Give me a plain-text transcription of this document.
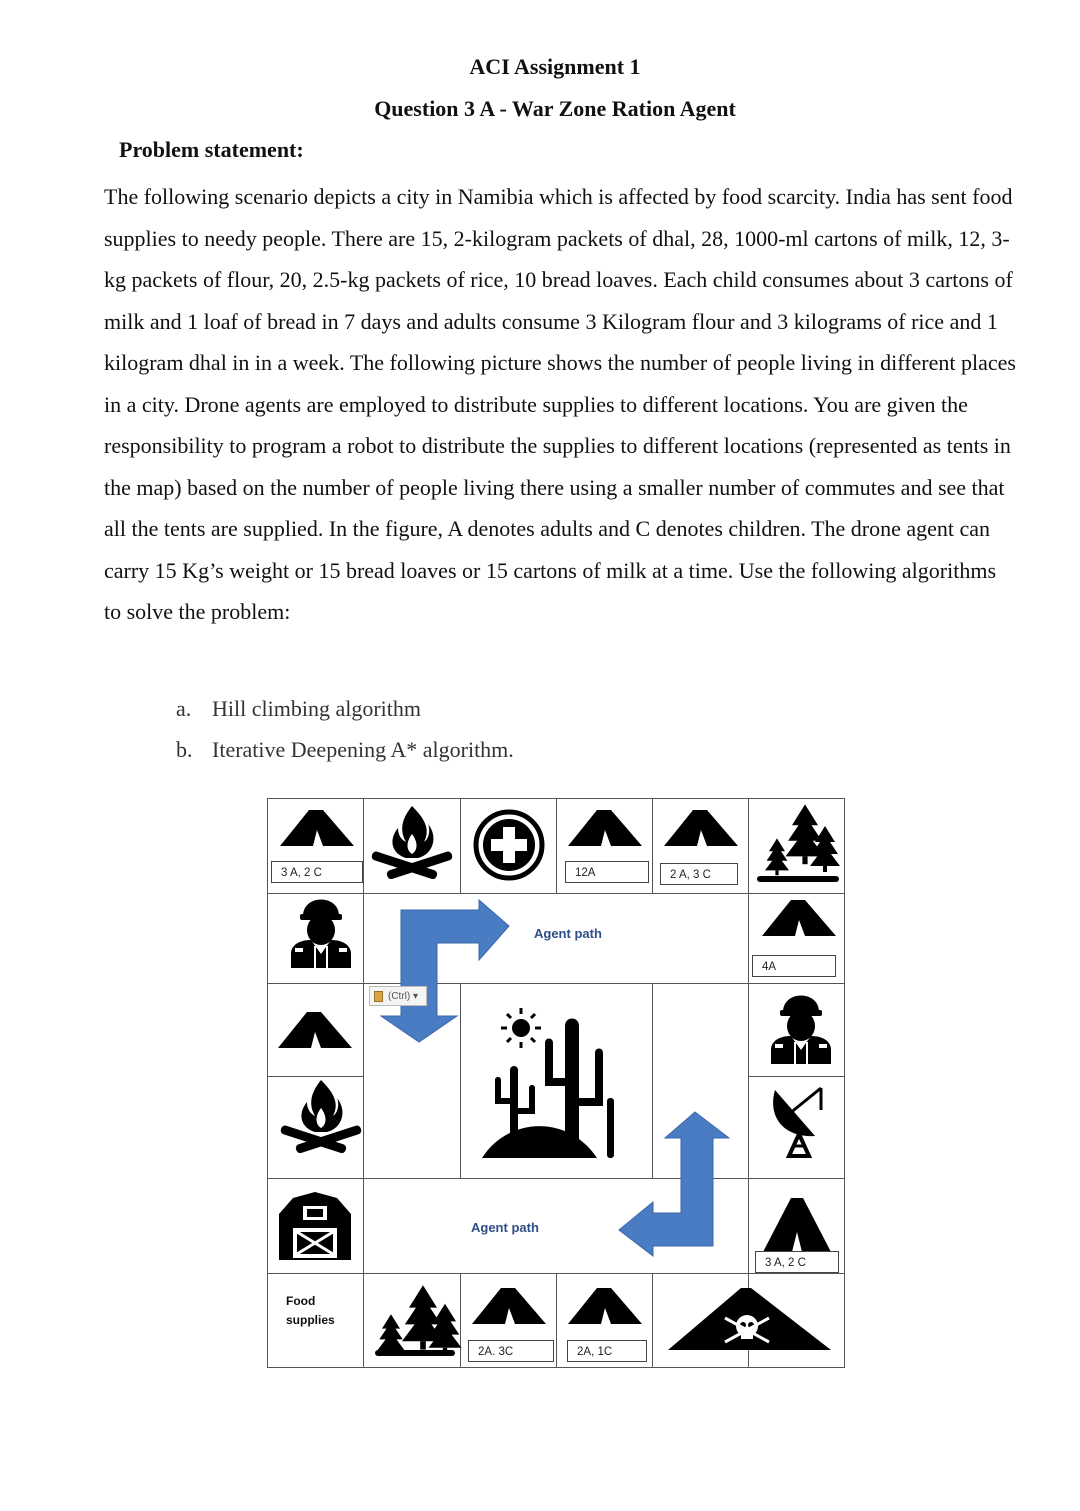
ACI Assignment 1
Question 3 A - War Zone Ration Agent
Problem statement:

The following scenario depicts a city in Namibia which is affected by food scarcity. India has sent food supplies to needy people. There are 15, 2-kilogram packets of dhal, 28, 1000-ml cartons of milk, 12, 3-kg packets of flour, 20, 2.5-kg packets of rice, 10 bread loaves. Each child consumes about 3 cartons of milk and 1 loaf of bread in 7 days and adults consume 3 Kilogram flour and 3 kilograms of rice and 1 kilogram dhal in in a week. The following picture shows the number of people living in different places in a city. Drone agents are employed to distribute supplies to different locations. You are given the responsibility to program a robot to distribute the supplies to different locations (represented as tents in the map) based on the number of people living there using a smaller number of commutes and see that all the tents are supplied. In the figure, A denotes adults and C denotes children. The drone agent can carry 15 Kg’s weight or 15 bread loaves or 15 cartons of milk at a time. Use the following algorithms to solve the problem:

a. Hill climbing algorithm
b. Iterative Deepening A* algorithm.
3 A, 2 C	12A	2 A, 3 C
4A
3 A, 2 C
2A. 3C	2A, 1C
Agent path
Agent path
Food
supplies
(Ctrl) ▾
